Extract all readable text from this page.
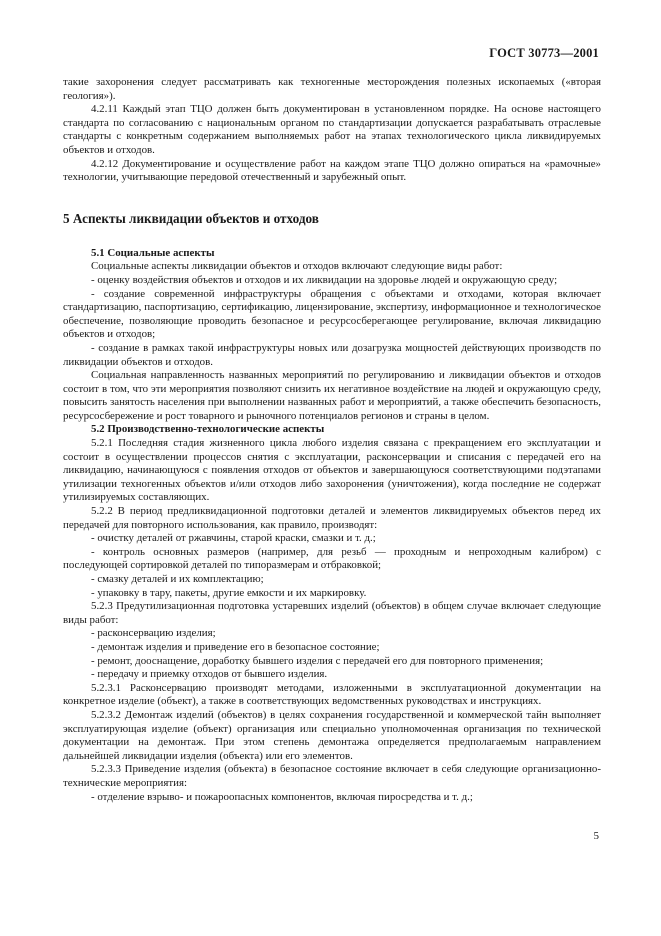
ГОСТ 30773—2001

такие захоронения следует рассматривать как техногенные месторождения полезных ископаемых («вторая геология»).

4.2.11 Каждый этап ТЦО должен быть документирован в установленном порядке. На основе настоящего стандарта по согласованию с национальным органом по стандартизации допускается разрабатывать отраслевые стандарты с конкретным содержанием выполняемых работ на этапах технологического цикла ликвидируемых объектов и отходов.

4.2.12 Документирование и осуществление работ на каждом этапе ТЦО должно опираться на «рамочные» технологии, учитывающие передовой отечественный и зарубежный опыт.

5 Аспекты ликвидации объектов и отходов

5.1 Социальные аспекты

Социальные аспекты ликвидации объектов и отходов включают следующие виды работ:

- оценку воздействия объектов и отходов и их ликвидации на здоровье людей и окружающую среду;

- создание современной инфраструктуры обращения с объектами и отходами, которая включает стандартизацию, паспортизацию, сертификацию, лицензирование, экспертизу, информационное и технологическое обеспечение, позволяющие проводить безопасное и ресурсосберегающее регулирование, включая ликвидацию объектов и отходов;

- создание в рамках такой инфраструктуры новых или дозагрузка мощностей действующих производств по ликвидации объектов и отходов.

Социальная направленность названных мероприятий по регулированию и ликвидации объектов и отходов состоит в том, что эти мероприятия позволяют снизить их негативное воздействие на людей и окружающую среду, повысить занятость населения при выполнении названных работ и мероприятий, а также обеспечить безопасность, ресурсосбережение и рост товарного и рыночного потенциалов регионов и страны в целом.

5.2 Производственно-технологические аспекты

5.2.1 Последняя стадия жизненного цикла любого изделия связана с прекращением его эксплуатации и состоит в осуществлении процессов снятия с эксплуатации, расконсервации и списания с передачей его на ликвидацию, начинающуюся с появления отходов от объектов и завершающуюся соответствующими подэтапами утилизации техногенных объектов и/или отходов либо захоронения (уничтожения), когда последние не содержат утилизируемых составляющих.

5.2.2 В период предликвидационной подготовки деталей и элементов ликвидируемых объектов перед их передачей для повторного использования, как правило, производят:

- очистку деталей от ржавчины, старой краски, смазки и т. д.;

- контроль основных размеров (например, для резьб — проходным и непроходным калибром) с последующей сортировкой деталей по типоразмерам и отбраковкой;

- смазку деталей и их комплектацию;

- упаковку в тару, пакеты, другие емкости и их маркировку.

5.2.3 Предутилизационная подготовка устаревших изделий (объектов) в общем случае включает следующие виды работ:

- расконсервацию изделия;

- демонтаж изделия и приведение его в безопасное состояние;

- ремонт, дооснащение, доработку бывшего изделия с передачей его для повторного применения;

- передачу и приемку отходов от бывшего изделия.

5.2.3.1 Расконсервацию производят методами, изложенными в эксплуатационной документации на конкретное изделие (объект), а также в соответствующих ведомственных руководствах и инструкциях.

5.2.3.2 Демонтаж изделий (объектов) в целях сохранения государственной и коммерческой тайн выполняет эксплуатирующая изделие (объект) организация или специально уполномоченная организация по технической документации на демонтаж. При этом степень демонтажа определяется предполагаемым направлением дальнейшей ликвидации изделия (объекта) или его элементов.

5.2.3.3 Приведение изделия (объекта) в безопасное состояние включает в себя следующие организационно-технические мероприятия:

- отделение взрыво- и пожароопасных компонентов, включая пиросредства и т. д.;

5
